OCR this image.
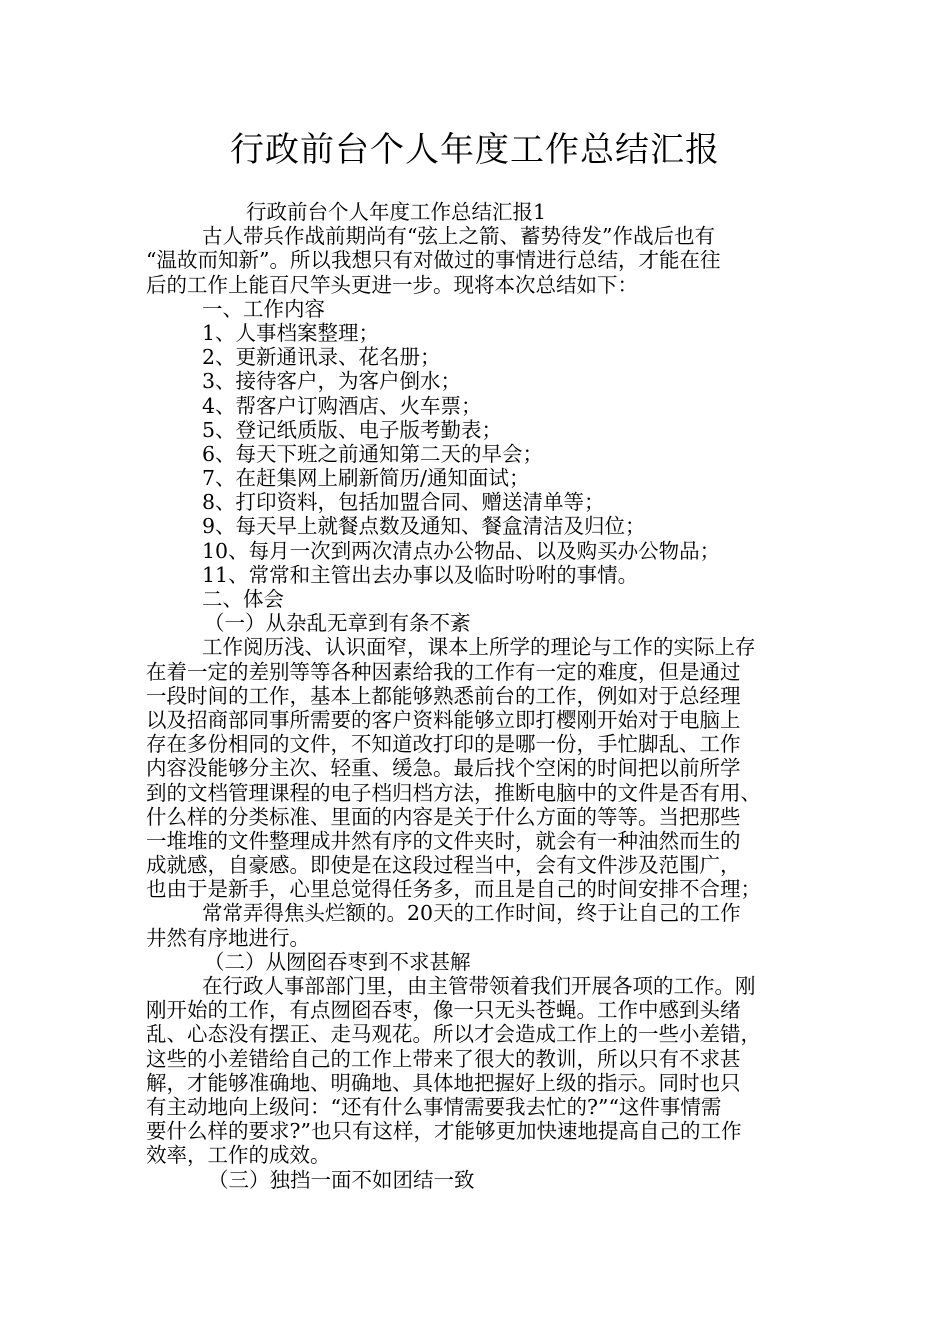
行政前台个人年度工作总结汇报
行政前台个人年度工作总结汇报1
古人带兵作战前期尚有“弦上之箭、蓄势待发”作战后也有
“温故而知新”。所以我想只有对做过的事情进行总结，才能在往
后的工作上能百尺竿头更进一步。现将本次总结如下：
一、工作内容
1、人事档案整理；
2、更新通讯录、花名册；
3、接待客户，为客户倒水；
4、帮客户订购酒店、火车票；
5、登记纸质版、电子版考勤表；
6、每天下班之前通知第二天的早会；
7、在赶集网上刷新简历/通知面试；
8、打印资料，包括加盟合同、赠送清单等；
9、每天早上就餐点数及通知、餐盒清洁及归位；
10、每月一次到两次清点办公物品、以及购买办公物品；
11、常常和主管出去办事以及临时吩咐的事情。
二、体会
（一）从杂乱无章到有条不紊
工作阅历浅、认识面窄，课本上所学的理论与工作的实际上存
在着一定的差别等等各种因素给我的工作有一定的难度，但是通过
一段时间的工作，基本上都能够熟悉前台的工作，例如对于总经理
以及招商部同事所需要的客户资料能够立即打樱刚开始对于电脑上
存在多份相同的文件，不知道改打印的是哪一份，手忙脚乱、工作
内容没能够分主次、轻重、缓急。最后找个空闲的时间把以前所学
到的文档管理课程的电子档归档方法，推断电脑中的文件是否有用、
什么样的分类标准、里面的内容是关于什么方面的等等。当把那些
一堆堆的文件整理成井然有序的文件夹时，就会有一种油然而生的
成就感，自豪感。即使是在这段过程当中，会有文件涉及范围广，
也由于是新手，心里总觉得任务多，而且是自己的时间安排不合理；
常常弄得焦头烂额的。20天的工作时间，终于让自己的工作
井然有序地进行。
（二）从囫囵吞枣到不求甚解
在行政人事部部门里，由主管带领着我们开展各项的工作。刚
刚开始的工作，有点囫囵吞枣，像一只无头苍蝇。工作中感到头绪
乱、心态没有摆正、走马观花。所以才会造成工作上的一些小差错，
这些的小差错给自己的工作上带来了很大的教训，所以只有不求甚
解，才能够准确地、明确地、具体地把握好上级的指示。同时也只
有主动地向上级问：“还有什么事情需要我去忙的?”“这件事情需
要什么样的要求?”也只有这样，才能够更加快速地提高自己的工作
效率，工作的成效。
（三）独挡一面不如团结一致
